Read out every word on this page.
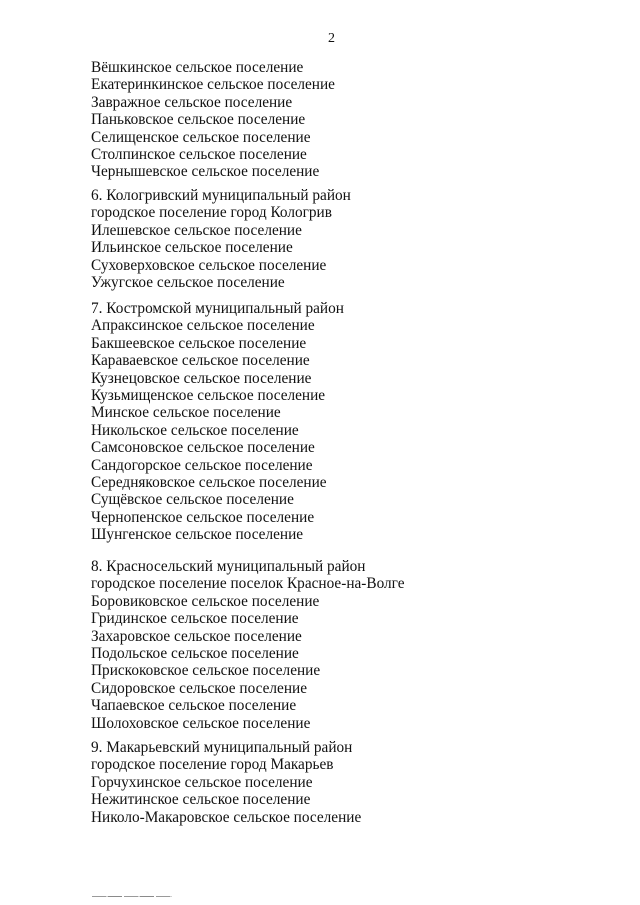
2
Вёшкинское сельское поселение
Екатеринкинское сельское поселение
Завражное сельское поселение
Паньковское сельское поселение
Селищенское сельское поселение
Столпинское сельское поселение
Чернышевское сельское поселение
6. Кологривский муниципальный район
городское поселение город Кологрив
Илешевское сельское поселение
Ильинское сельское поселение
Суховерховское сельское поселение
Ужугское сельское поселение
7. Костромской муниципальный район
Апраксинское сельское поселение
Бакшеевское сельское поселение
Караваевское сельское поселение
Кузнецовское сельское поселение
Кузьмищенское сельское поселение
Минское сельское поселение
Никольское сельское поселение
Самсоновское сельское поселение
Сандогорское сельское поселение
Середняковское сельское поселение
Сущёвское сельское поселение
Чернопенское сельское поселение
Шунгенское сельское поселение
8. Красносельский муниципальный район
городское поселение поселок Красное-на-Волге
Боровиковское сельское поселение
Гридинское сельское поселение
Захаровское сельское поселение
Подольское сельское поселение
Прискоковское сельское поселение
Сидоровское сельское поселение
Чапаевское сельское поселение
Шолоховское сельское поселение
9. Макарьевский муниципальный район
городское поселение город Макарьев
Горчухинское сельское поселение
Нежитинское сельское поселение
Николо-Макаровское сельское поселение
